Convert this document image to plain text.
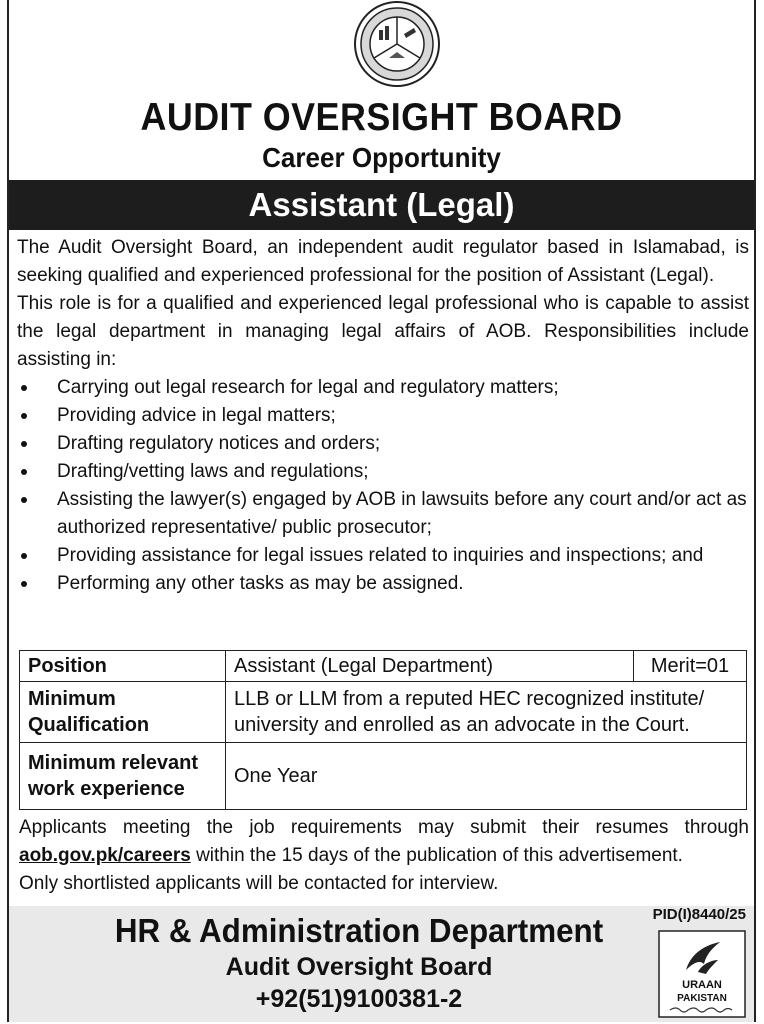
AUDIT OVERSIGHT BOARD
Career Opportunity
Assistant (Legal)

The Audit Oversight Board, an independent audit regulator based in Islamabad, is seeking qualified and experienced professional for the position of Assistant (Legal).

This role is for a qualified and experienced legal professional who is capable to assist the legal department in managing legal affairs of AOB. Responsibilities include assisting in:

Carrying out legal research for legal and regulatory matters;
Providing advice in legal matters;
Drafting regulatory notices and orders;
Drafting/vetting laws and regulations;
Assisting the lawyer(s) engaged by AOB in lawsuits before any court and/or act as authorized representative/ public prosecutor;
Providing assistance for legal issues related to inquiries and inspections; and
Performing any other tasks as may be assigned.
Position	Assistant (Legal Department)	Merit=01
Minimum Qualification	LLB or LLM from a reputed HEC recognized institute/ university and enrolled as an advocate in the Court.	
Minimum relevant work experience	One Year	

Applicants meeting the job requirements may submit their resumes through aob.gov.pk/careers within the 15 days of the publication of this advertisement.

Only shortlisted applicants will be contacted for interview.

HR & Administration Department
Audit Oversight Board
+92(51)9100381-2
PID(I)8440/25
URAAN
PAKISTAN
